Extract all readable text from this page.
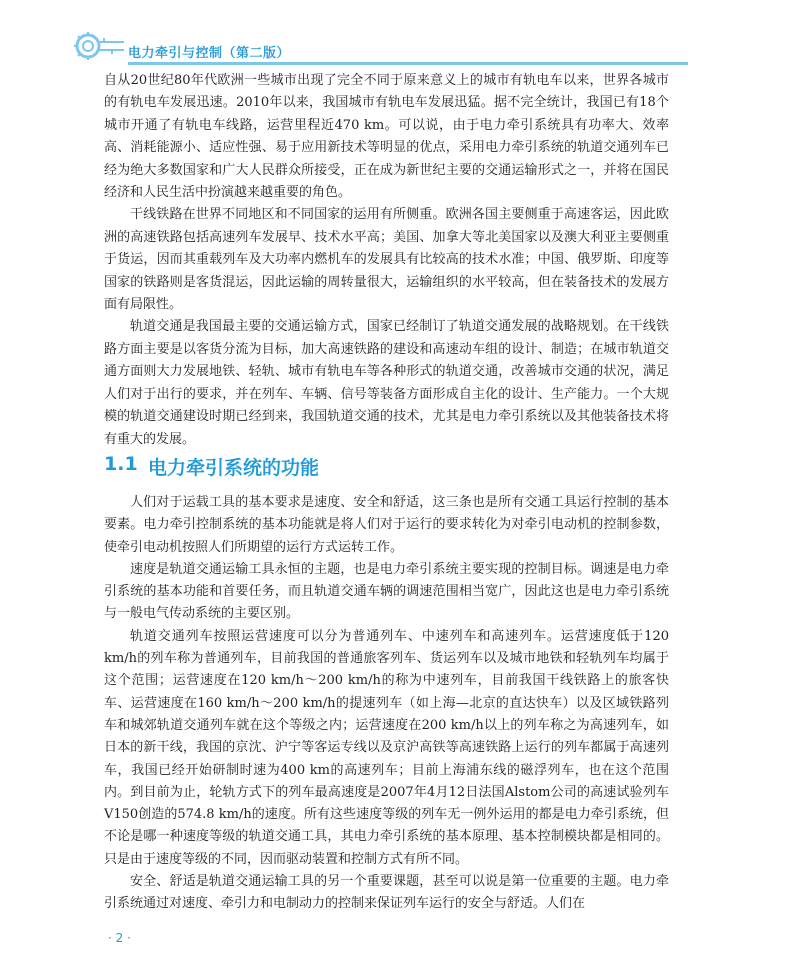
电力牵引与控制（第二版）

自从20世纪80年代欧洲一些城市出现了完全不同于原来意义上的城市有轨电车以来，世界各城市的有轨电车发展迅速。2010年以来，我国城市有轨电车发展迅猛。据不完全统计，我国已有18个城市开通了有轨电车线路，运营里程近470 km。可以说，由于电力牵引系统具有功率大、效率高、消耗能源小、适应性强、易于应用新技术等明显的优点，采用电力牵引系统的轨道交通列车已经为绝大多数国家和广大人民群众所接受，正在成为新世纪主要的交通运输形式之一，并将在国民经济和人民生活中扮演越来越重要的角色。

干线铁路在世界不同地区和不同国家的运用有所侧重。欧洲各国主要侧重于高速客运，因此欧洲的高速铁路包括高速列车发展早、技术水平高；美国、加拿大等北美国家以及澳大利亚主要侧重于货运，因而其重载列车及大功率内燃机车的发展具有比较高的技术水准；中国、俄罗斯、印度等国家的铁路则是客货混运，因此运输的周转量很大，运输组织的水平较高，但在装备技术的发展方面有局限性。

轨道交通是我国最主要的交通运输方式，国家已经制订了轨道交通发展的战略规划。在干线铁路方面主要是以客货分流为目标，加大高速铁路的建设和高速动车组的设计、制造；在城市轨道交通方面则大力发展地铁、轻轨、城市有轨电车等各种形式的轨道交通，改善城市交通的状况，满足人们对于出行的要求，并在列车、车辆、信号等装备方面形成自主化的设计、生产能力。一个大规模的轨道交通建设时期已经到来，我国轨道交通的技术，尤其是电力牵引系统以及其他装备技术将有重大的发展。

1.1 电力牵引系统的功能

人们对于运载工具的基本要求是速度、安全和舒适，这三条也是所有交通工具运行控制的基本要素。电力牵引控制系统的基本功能就是将人们对于运行的要求转化为对牵引电动机的控制参数，使牵引电动机按照人们所期望的运行方式运转工作。

速度是轨道交通运输工具永恒的主题，也是电力牵引系统主要实现的控制目标。调速是电力牵引系统的基本功能和首要任务，而且轨道交通车辆的调速范围相当宽广，因此这也是电力牵引系统与一般电气传动系统的主要区别。

轨道交通列车按照运营速度可以分为普通列车、中速列车和高速列车。运营速度低于120 km/h的列车称为普通列车，目前我国的普通旅客列车、货运列车以及城市地铁和轻轨列车均属于这个范围；运营速度在120 km/h～200 km/h的称为中速列车，目前我国干线铁路上的旅客快车、运营速度在160 km/h～200 km/h的提速列车（如上海—北京的直达快车）以及区域铁路列车和城郊轨道交通列车就在这个等级之内；运营速度在200 km/h以上的列车称之为高速列车，如日本的新干线，我国的京沈、沪宁等客运专线以及京沪高铁等高速铁路上运行的列车都属于高速列车，我国已经开始研制时速为400 km的高速列车；目前上海浦东线的磁浮列车，也在这个范围内。到目前为止，轮轨方式下的列车最高速度是2007年4月12日法国Alstom公司的高速试验列车V150创造的574.8 km/h的速度。所有这些速度等级的列车无一例外运用的都是电力牵引系统，但不论是哪一种速度等级的轨道交通工具，其电力牵引系统的基本原理、基本控制模块都是相同的。只是由于速度等级的不同，因而驱动装置和控制方式有所不同。

安全、舒适是轨道交通运输工具的另一个重要课题，甚至可以说是第一位重要的主题。电力牵引系统通过对速度、牵引力和电制动力的控制来保证列车运行的安全与舒适。人们在

· 2 ·
